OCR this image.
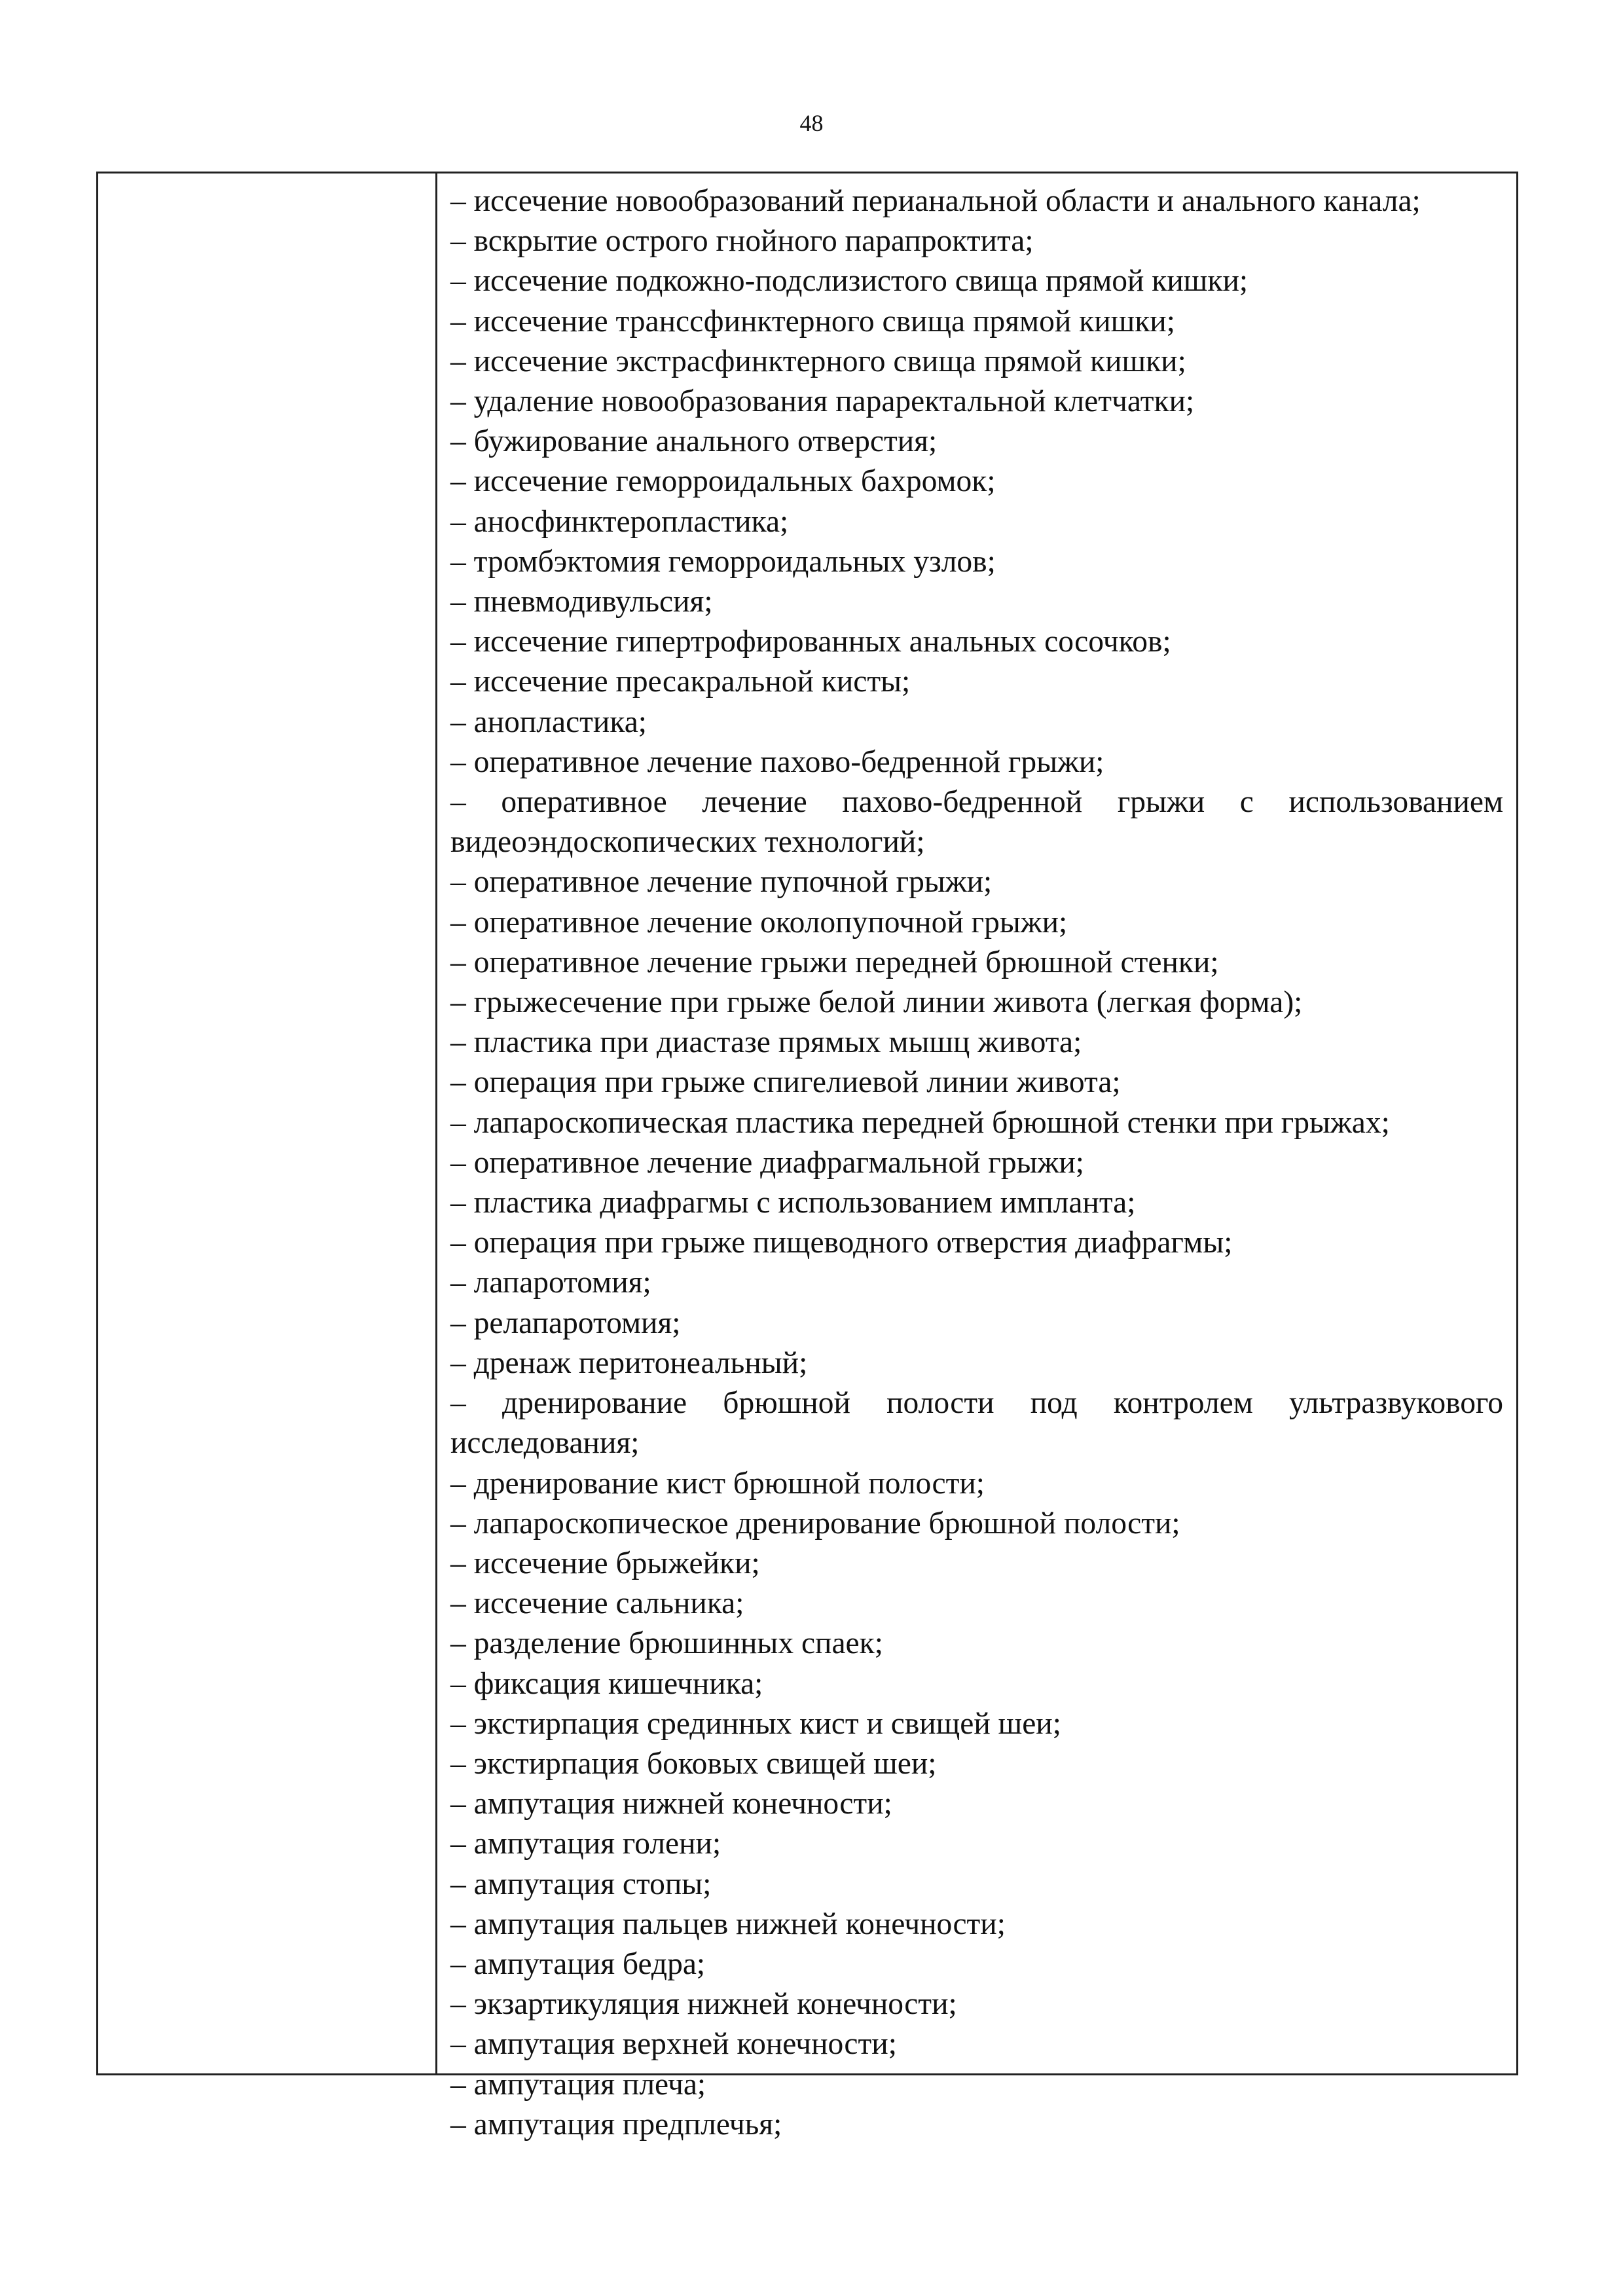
48
– иссечение новообразований перианальной области и анального канала;
– вскрытие острого гнойного парапроктита;
– иссечение подкожно-подслизистого свища прямой кишки;
– иссечение транссфинктерного свища прямой кишки;
– иссечение экстрасфинктерного свища прямой кишки;
– удаление новообразования параректальной клетчатки;
– бужирование анального отверстия;
– иссечение геморроидальных бахромок;
– аносфинктеропластика;
– тромбэктомия геморроидальных узлов;
– пневмодивульсия;
– иссечение гипертрофированных анальных сосочков;
– иссечение пресакральной кисты;
– анопластика;
– оперативное лечение пахово-бедренной грыжи;
– оперативное лечение пахово-бедренной грыжи с использованием видеоэндоскопических технологий;
– оперативное лечение пупочной грыжи;
– оперативное лечение околопупочной грыжи;
– оперативное лечение грыжи передней брюшной стенки;
– грыжесечение при грыже белой линии живота (легкая форма);
– пластика при диастазе прямых мышц живота;
– операция при грыже спигелиевой линии живота;
– лапароскопическая пластика передней брюшной стенки при грыжах;
– оперативное лечение диафрагмальной грыжи;
– пластика диафрагмы с использованием импланта;
– операция при грыже пищеводного отверстия диафрагмы;
– лапаротомия;
– релапаротомия;
– дренаж перитонеальный;
– дренирование брюшной полости под контролем ультразвукового исследования;
– дренирование кист брюшной полости;
– лапароскопическое дренирование брюшной полости;
– иссечение брыжейки;
– иссечение сальника;
– разделение брюшинных спаек;
– фиксация кишечника;
– экстирпация срединных кист и свищей шеи;
– экстирпация боковых свищей шеи;
– ампутация нижней конечности;
– ампутация голени;
– ампутация стопы;
– ампутация пальцев нижней конечности;
– ампутация бедра;
– экзартикуляция нижней конечности;
– ампутация верхней конечности;
– ампутация плеча;
– ампутация предплечья;
